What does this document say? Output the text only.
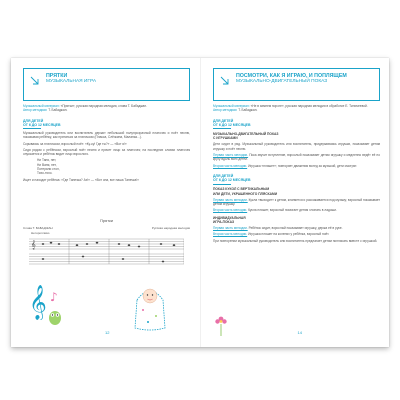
ПРЯТКИ
МУЗЫКАЛЬНАЯ ИГРА
Музыкальный материал: «Прятки», русская народная мелодия, слова Т. Бабаджан.
Автор методики: Т. Бабаджан.
ДЛЯ ДЕТЕЙ
ОТ 6 ДО 12 МЕСЯЦЕВ
Музыкальный руководитель или воспитатель держит небольшой полупрозрачный платочек и поёт песню, показывая ребёнку, как прятаться за платочком (Плакса, Слёзкина, Маланья...).
Скрываясь за платочком, взрослый поёт: «Ку-ку! Где ты?» — «Вот я!»
Сидя рядом с ребёнком, взрослый поёт песню и прячет лицо за платочек; на последних словах платочек опускается и ребёнок видит лицо взрослого.
Ни Таня, нет,
Ни Ваня, нет,
Потеряли стол,
Тихо-тихо.
Ищет и находит ребёнка: «Где Танечка? Ах!» — «Вот она, вот наша Танечка!»
Прятки
Слова Т. БАБАДЖАН	Русская народная мелодия
Неторопливо
𝄞
𝄞 ♪
12
ПОСМОТРИ, КАК Я ИГРАЮ, И ПОПЛЯЩЕМ
МУЗЫКАЛЬНО-ДВИГАТЕЛЬНЫЙ ПОКАЗ
Музыкальный материал: «Не в зимнем пороге», русская народная мелодия в обработке Е. Тиличеевой.
Автор методики: Т. Бабаджан.
ДЛЯ ДЕТЕЙ
ОТ 6 ДО 12 МЕСЯЦЕВ
МУЗЫКАЛЬНО-ДВИГАТЕЛЬНЫЙ ПОКАЗ
С ИГРУШКАМИ
Дети сидят в ряд. Музыкальный руководитель или воспитатель, придерживаясь игрушки, показывает детям игрушку и поёт песню.
Первая часть мелодии. Пока звучит вступление, взрослый показывает детям игрушку и медленно ведёт её по кругу вдоль всех детей.
Вторая часть мелодии. Игрушка «пляшет»; повторяет движения вслед за музыкой, дети смотрят.
ДЛЯ ДЕТЕЙ
ОТ 6 ДО 12 МЕСЯЦЕВ
ПОКАЗ КУКОЛ С ВЕРТИКАЛЬНЫМ
ИЛИ ДЕТИ, УКРАШЕННОГО ПЛЯСКАМИ
Первая часть мелодии. Кукла «выходит» к детям, кланяется и рассаживается под музыку; взрослый показывает детям игрушку.
Вторая часть мелодии. Кукла пляшет, взрослый помогает детям хлопать в ладоши.
ИНДИВИДУАЛЬНАЯ
ИГРА-ПОКАЗ
Первая часть мелодии. Ребёнок сидит, взрослый показывает игрушку, держа её в руке.
Вторая часть мелодии. Игрушка пляшет на коленях у ребёнка, взрослый поёт.
При повторении музыкальный руководитель или воспитатель предлагает детям поплясать вместе с игрушкой.
14
